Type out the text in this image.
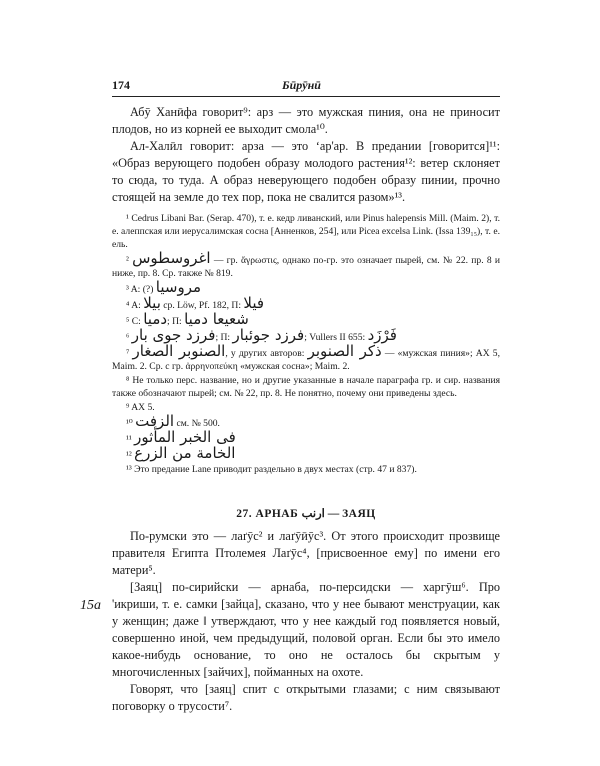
174	Бӣрӯнӣ

Абӯ Ханӣфа говорит⁹: арз — это мужская пиния, она не приносит плодов, но из корней ее выходит смола¹⁰.

Ал-Халӣл говорит: арза — это ʻар'ар. В предании [говорится]¹¹: «Образ верующего подобен образу молодого растения¹²: ветер склоняет то сюда, то туда. А образ неверующего подобен образу пинии, прочно стоящей на земле до тех пор, пока не свалится разом»¹³.

¹ Cedrus Libani Bar. (Serap. 470), т. е. кедр ливанский, или Pinus halepensis Mill. (Maim. 2), т. е. алеппская или иерусалимская сосна [Анненков, 254], или Picea excelsa Link. (Issa 139₁₅), т. е. ель.

² اغروسطوس — гр. ἄγρωστις, однако по-гр. это означает пырей, см. № 22. пр. 8 и ниже, пр. 8. Ср. также № 819.

³ A: (?) مروسيا

⁴ A: بيلا ср. Löw, Pf. 182, П: فيلا

⁵ C: دميا; П: شعيعا دميا

⁶ فرزد جوى بار; П: فرزد جوئبار; Vullers II 655: فَرْزَد

⁷ الصنوبر الصغار, у других авторов: ذكر الصنوبر — «мужская пиния»; AX 5, Maim. 2. Ср. с гр. ἀρρηνοπεύκη «мужская сосна»; Maim. 2.

⁸ Не только перс. название, но и другие указанные в начале параграфа гр. и сир. названия также обозначают пырей; см. № 22, пр. 8. Не понятно, почему они приведены здесь.

⁹ AX 5.

¹⁰ الزفت см. № 500.

¹¹ فى الخبر المأثور

¹² الخامة من الزرع

¹³ Это предание Lane приводит раздельно в двух местах (стр. 47 и 837).

27. АРНАБ ارنب — ЗАЯЦ
15а

По-румски это — лаґӯс² и лаґӯӣӯс³. От этого происходит прозвище правителя Египта Птолемея Лаґӯс⁴, [присвоенное ему] по имени его матери⁵.

[Заяц] по-сирийски — арнаба, по-персидски — харгӯш⁶. Про 'икриши, т. е. самки [зайца], сказано, что у нее бывают менструации, как у женщин; даже ‖ утверждают, что у нее каждый год появляется новый, совершенно иной, чем предыдущий, половой орган. Если бы это имело какое-нибудь основание, то оно не осталось бы скрытым у многочисленных [зайчих], пойманных на охоте.

Говорят, что [заяц] спит с открытыми глазами; с ним связывают поговорку о трусости⁷.
